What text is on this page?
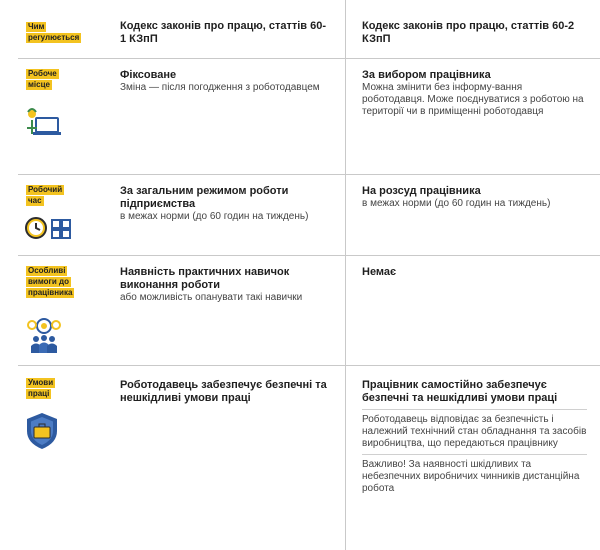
Чим
регулюється
Кодекс законів про працю, статтів 60-1 КЗпП
Кодекс законів про працю, статтів 60-2 КЗпП
Робоче
місце
Фіксоване
Зміна — після погодження з роботодавцем
За вибором працівника
Можна змінити без інформу-вання роботодавця. Може поєднуватися з роботою на території чи в приміщенні роботодавця
Робочий
час
За загальним режимом роботи підприємства
в межах норми (до 60 годин на тиждень)
На розсуд працівника
в межах норми (до 60 годин на тиждень)
Особливі
вимоги до
працівника
Наявність практичних навичок виконання роботи
або можливість опанувати такі навички
Немає
Умови
праці
Роботодавець забезпечує безпечні та нешкідливі умови праці
Працівник самостійно забезпечує безпечні та нешкідливі умови праці
Роботодавець відповідає за безпечність і належний технічний стан обладнання та засобів виробництва, що передаються працівнику
Важливо! За наявності шкідливих та небезпечних виробничих чинників дистанційна робота
